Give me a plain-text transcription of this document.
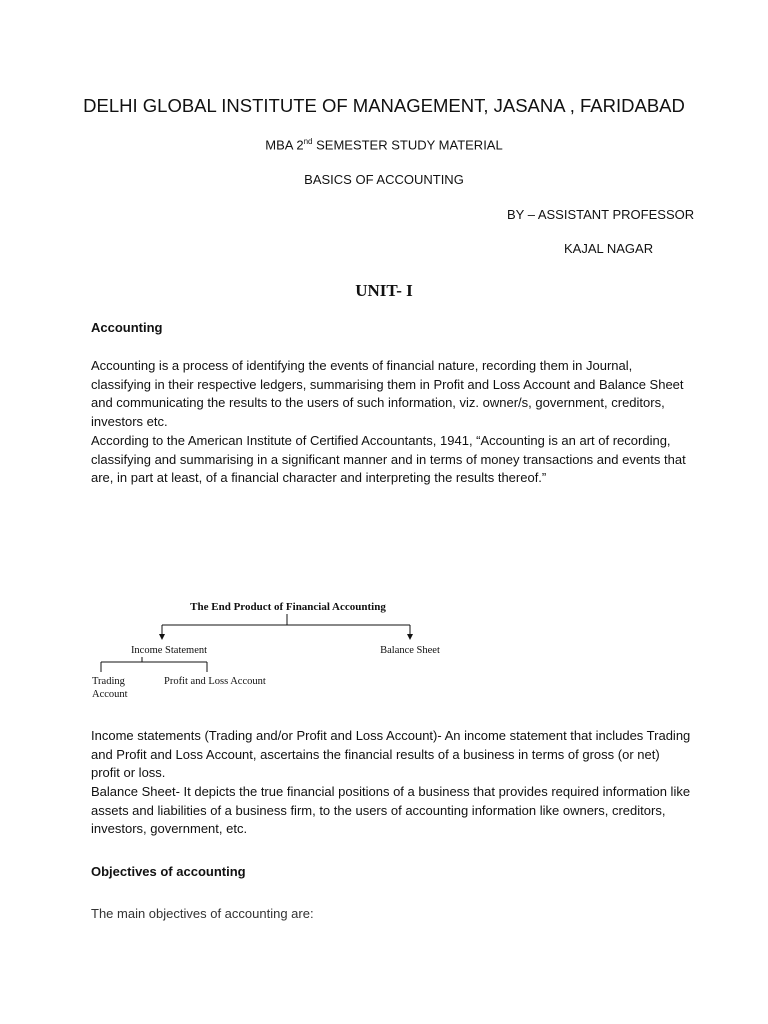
DELHI GLOBAL INSTITUTE OF MANAGEMENT, JASANA , FARIDABAD
MBA 2nd SEMESTER STUDY MATERIAL
BASICS OF ACCOUNTING
BY – ASSISTANT PROFESSOR
KAJAL NAGAR
UNIT- I
Accounting
Accounting is a process of identifying the events of financial nature, recording them in Journal, classifying in their respective ledgers, summarising them in Profit and Loss Account and Balance Sheet and communicating the results to the users of such information, viz. owner/s, government, creditors, investors etc.
According to the American Institute of Certified Accountants, 1941, “Accounting is an art of recording, classifying and summarising in a significant manner and in terms of money transactions and events that are, in part at least, of a financial character and interpreting the results thereof.”
The End Product of Financial Accounting
Income Statement	Balance Sheet
Trading
Account
Profit and Loss Account
Income statements (Trading and/or Profit and Loss Account)- An income statement that includes Trading and Profit and Loss Account, ascertains the financial results of a business in terms of gross (or net) profit or loss.
Balance Sheet- It depicts the true financial positions of a business that provides required information like assets and liabilities of a business firm, to the users of accounting information like owners, creditors, investors, government, etc.
Objectives of accounting
The main objectives of accounting are:
